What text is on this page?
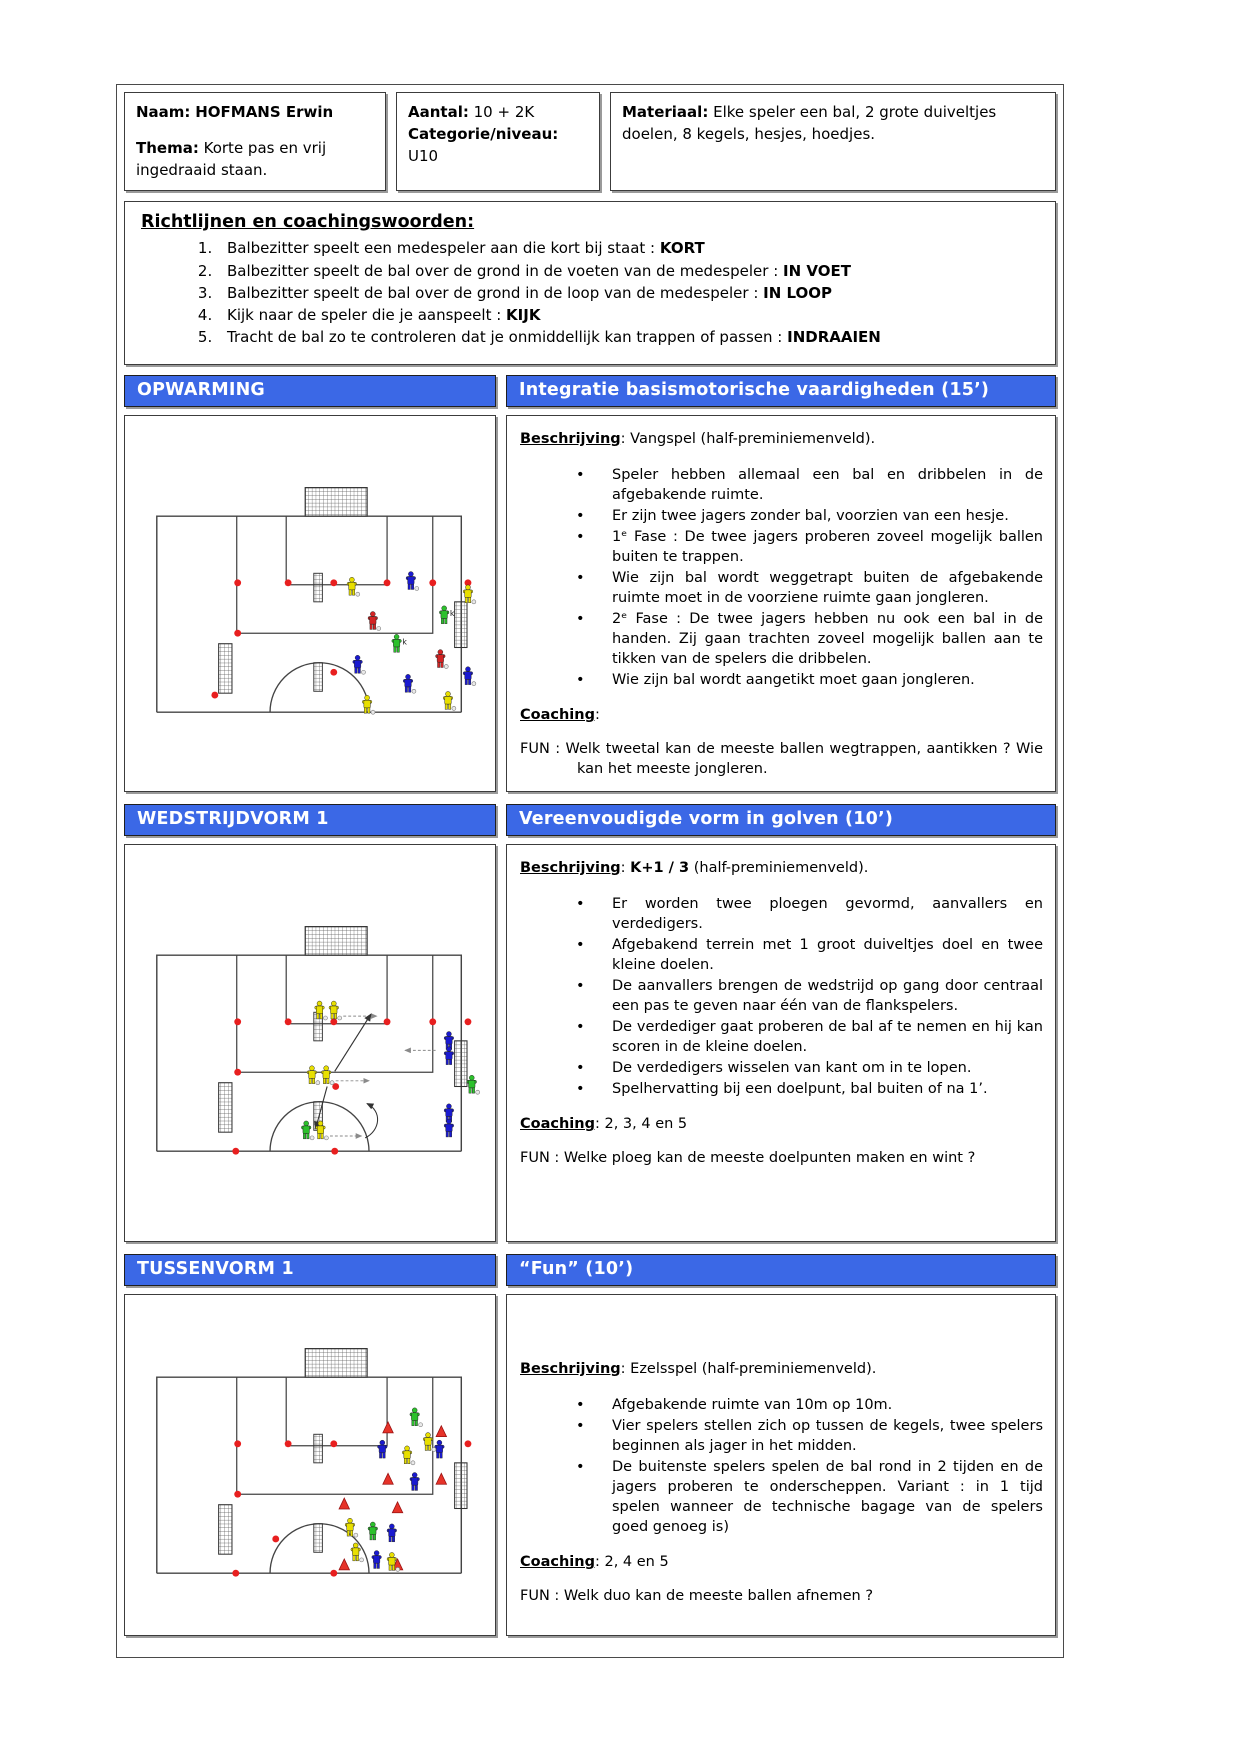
Naam: HOFMANS Erwin

Thema: Korte pas en vrij ingedraaid staan.

Aantal: 10 + 2K

Categorie/niveau: U10

Materiaal: Elke speler een bal, 2 grote duiveltjes doelen, 8 kegels, hesjes, hoedjes.

Richtlijnen en coachingswoorden:

1. Balbezitter speelt een medespeler aan die kort bij staat : KORT
2. Balbezitter speelt de bal over de grond in de voeten van de medespeler : IN VOET
3. Balbezitter speelt de bal over de grond in de loop van de medespeler : IN LOOP
4. Kijk naar de speler die je aanspeelt : KIJK
5. Tracht de bal zo te controleren dat je onmiddellijk kan trappen of passen : INDRAAIEN
OPWARMING	Integratie basismotorische vaardigheden (15’)
k
k

Beschrijving: Vangspel (half-preminiemenveld).

• Speler hebben allemaal een bal en dribbelen in de afgebakende ruimte.
• Er zijn twee jagers zonder bal, voorzien van een hesje.
• 1ᵉ Fase : De twee jagers proberen zoveel mogelijk ballen buiten te trappen.
• Wie zijn bal wordt weggetrapt buiten de afgebakende ruimte moet in de voorziene ruimte gaan jongleren.
• 2ᵉ Fase : De twee jagers hebben nu ook een bal in de handen. Zij gaan trachten zoveel mogelijk ballen aan te tikken van de spelers die dribbelen.
• Wie zijn bal wordt aangetikt moet gaan jongleren.

Coaching:

FUN : Welk tweetal kan de meeste ballen wegtrappen, aantikken ? Wie kan het meeste jongleren.

WEDSTRIJDVORM 1	Vereenvoudigde vorm in golven (10’)

Beschrijving: K+1 / 3 (half-preminiemenveld).

• Er worden twee ploegen gevormd, aanvallers en verdedigers.
• Afgebakend terrein met 1 groot duiveltjes doel en twee kleine doelen.
• De aanvallers brengen de wedstrijd op gang door centraal een pas te geven naar één van de flankspelers.
• De verdediger gaat proberen de bal af te nemen en hij kan scoren in de kleine doelen.
• De verdedigers wisselen van kant om in te lopen.
• Spelhervatting bij een doelpunt, bal buiten of na 1’.

Coaching: 2, 3, 4 en 5

FUN : Welke ploeg kan de meeste doelpunten maken en wint ?

TUSSENVORM 1	“Fun” (10’)

Beschrijving: Ezelsspel (half-preminiemenveld).

• Afgebakende ruimte van 10m op 10m.
• Vier spelers stellen zich op tussen de kegels, twee spelers beginnen als jager in het midden.
• De buitenste spelers spelen de bal rond in 2 tijden en de jagers proberen te onderscheppen. Variant : in 1 tijd spelen wanneer de technische bagage van de spelers goed genoeg is)

Coaching: 2, 4 en 5

FUN : Welk duo kan de meeste ballen afnemen ?
